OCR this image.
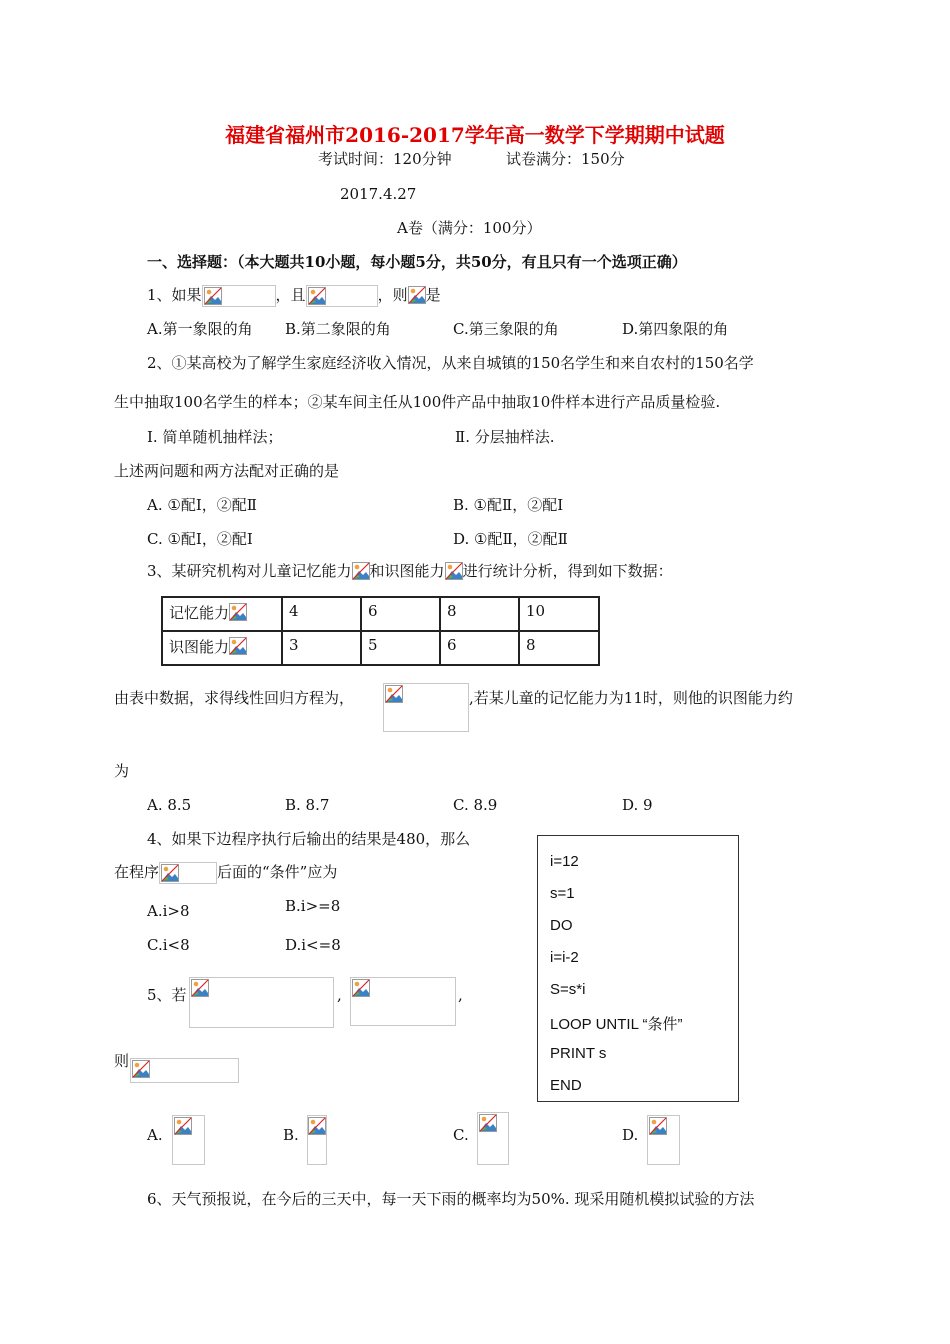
福建省福州市2016-2017学年高一数学下学期期中试题
考试时间：120分钟	试卷满分：150分
2017.4.27
A卷（满分：100分）
一、选择题：（本大题共10小题，每小题5分，共50分，有且只有一个选项正确）
1、如果	，且	，则 是
A.第一象限的角 B.第二象限的角	C.第三象限的角	D.第四象限的角
2、①某高校为了解学生家庭经济收入情况，从来自城镇的150名学生和来自农村的150名学
生中抽取100名学生的样本；②某车间主任从100件产品中抽取10件样本进行产品质量检验.
Ⅰ. 简单随机抽样法；	Ⅱ. 分层抽样法.
上述两问题和两方法配对正确的是
A. ①配Ⅰ，②配Ⅱ	B. ①配Ⅱ，②配Ⅰ
C. ①配Ⅰ，②配Ⅰ	D. ①配Ⅱ，②配Ⅱ
3、某研究机构对儿童记忆能力 和识图能力 进行统计分析，得到如下数据：
记忆能力	4	6	8	10
识图能力	3	5	6	8
由表中数据，求得线性回归方程为，	,若某儿童的记忆能力为11时，则他的识图能力约
为
A. 8.5	B. 8.7	C. 8.9	D. 9
4、如果下边程序执行后输出的结果是480，那么
在程序	后面的“条件”应为
A.i>8	B.i>=8
C.i<8	D.i<=8
i=12
s=1
DO
i=i-2
S=s*i
LOOP UNTIL “条件”
PRINT s
END
5、若	,	,
则
A.	B.	C.	D.
6、天气预报说，在今后的三天中，每一天下雨的概率均为50%. 现采用随机模拟试验的方法
